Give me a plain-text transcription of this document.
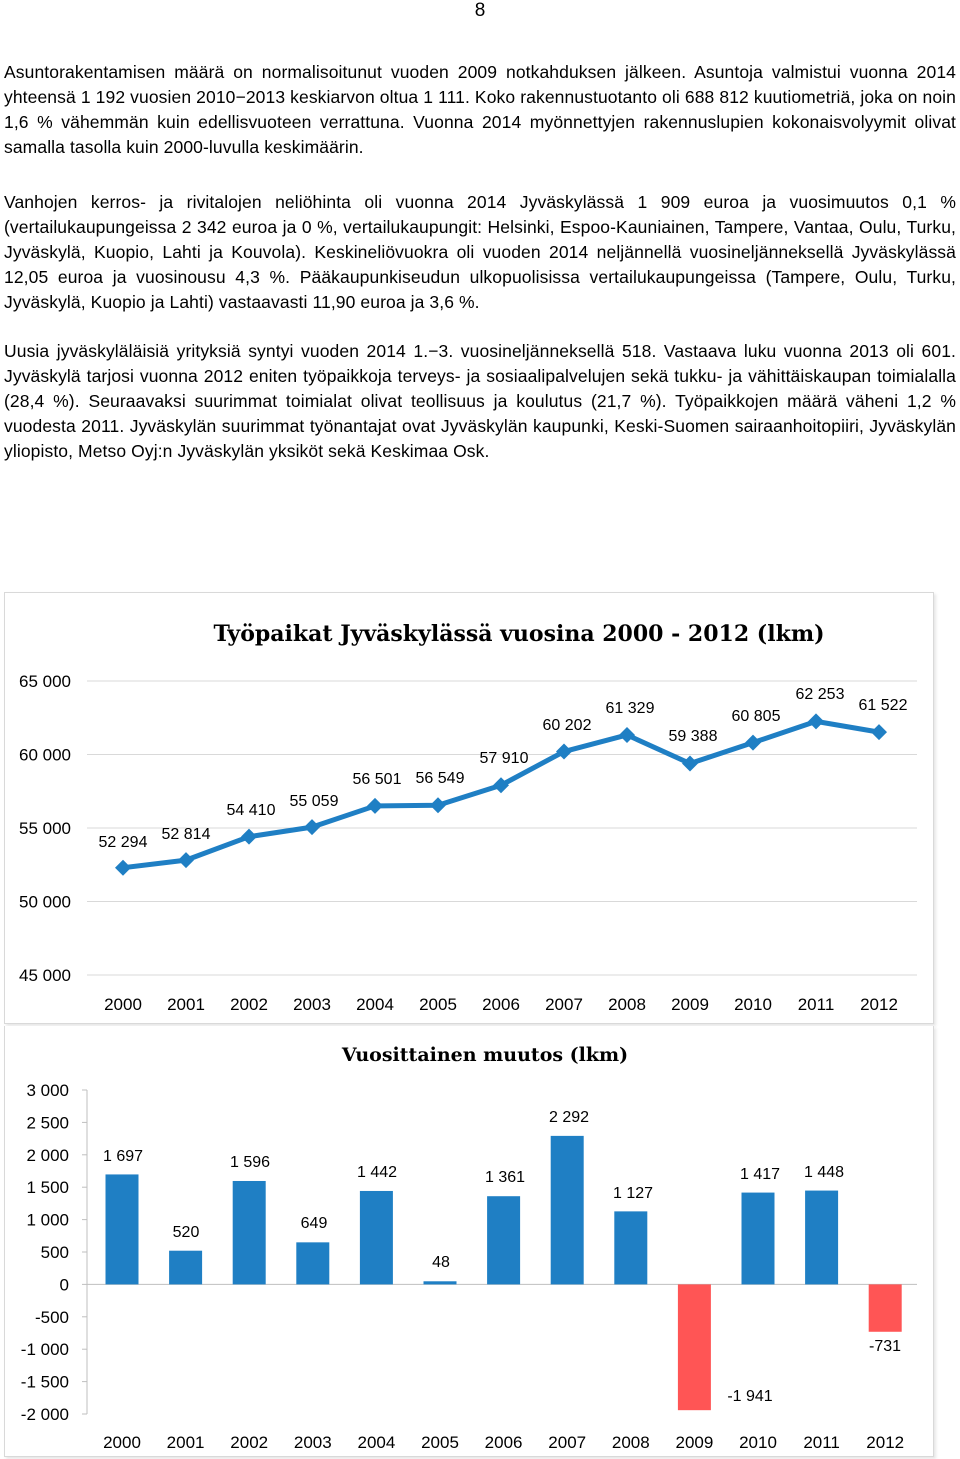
8

Asuntorakentamisen määrä on normalisoitunut vuoden 2009 notkahduksen jälkeen. Asuntoja valmistui vuonna 2014 yhteensä 1 192 vuosien 2010−2013 keskiarvon oltua 1 111. Koko rakennustuotanto oli 688 812 kuutiometriä, joka on noin 1,6 % vähemmän kuin edellisvuoteen verrattuna. Vuonna 2014 myönnettyjen rakennuslupien kokonaisvolyymit olivat samalla tasolla kuin 2000-luvulla keskimäärin.

Vanhojen kerros- ja rivitalojen neliöhinta oli vuonna 2014 Jyväskylässä 1 909 euroa ja vuosimuutos 0,1 % (vertailukaupungeissa 2 342 euroa ja 0 %, vertailukaupungit: Helsinki, Espoo-Kauniainen, Tampere, Vantaa, Oulu, Turku, Jyväskylä, Kuopio, Lahti ja Kouvola). Keskineliövuokra oli vuoden 2014 neljännellä vuosineljänneksellä Jyväskylässä 12,05 euroa ja vuosinousu 4,3 %. Pääkaupunkiseudun ulkopuolisissa vertailukaupungeissa (Tampere, Oulu, Turku, Jyväskylä, Kuopio ja Lahti) vastaavasti 11,90 euroa ja 3,6 %.

Uusia jyväskyläläisiä yrityksiä syntyi vuoden 2014 1.−3. vuosineljänneksellä 518. Vastaava luku vuonna 2013 oli 601. Jyväskylä tarjosi vuonna 2012 eniten työpaikkoja terveys- ja sosiaalipalvelujen sekä tukku- ja vähittäiskaupan toimialalla (28,4 %). Seuraavaksi suurimmat toimialat olivat teollisuus ja koulutus (21,7 %). Työpaikkojen määrä väheni 1,2 % vuodesta 2011. Jyväskylän suurimmat työnantajat ovat Jyväskylän kaupunki, Keski-Suomen sairaanhoitopiiri, Jyväskylän yliopisto, Metso Oyj:n Jyväskylän yksiköt sekä Keskimaa Osk.

Työpaikat Jyväskylässä vuosina 2000 - 2012 (lkm)
45 000
50 000
55 000
60 000
65 000
2000 2001 2002 2003 2004 2005 2006 2007 2008 2009 2010 2011 2012
52 294 52 814
54 410
55 059
56 501 56 549
57 910
60 202
61 329
59 388
60 805
62 253
61 522
Vuosittainen muutos (lkm)
-2 000
-1 500
-1 000
-500
0
500
1 000
1 500
2 000
2 500
3 000
2000 2001 2002 2003 2004 2005 2006 2007 2008 2009 2010 2011 2012
1 697
520
1 596
649
1 442
48
1 361
2 292
1 127
-1 941
1 417 1 448
-731
